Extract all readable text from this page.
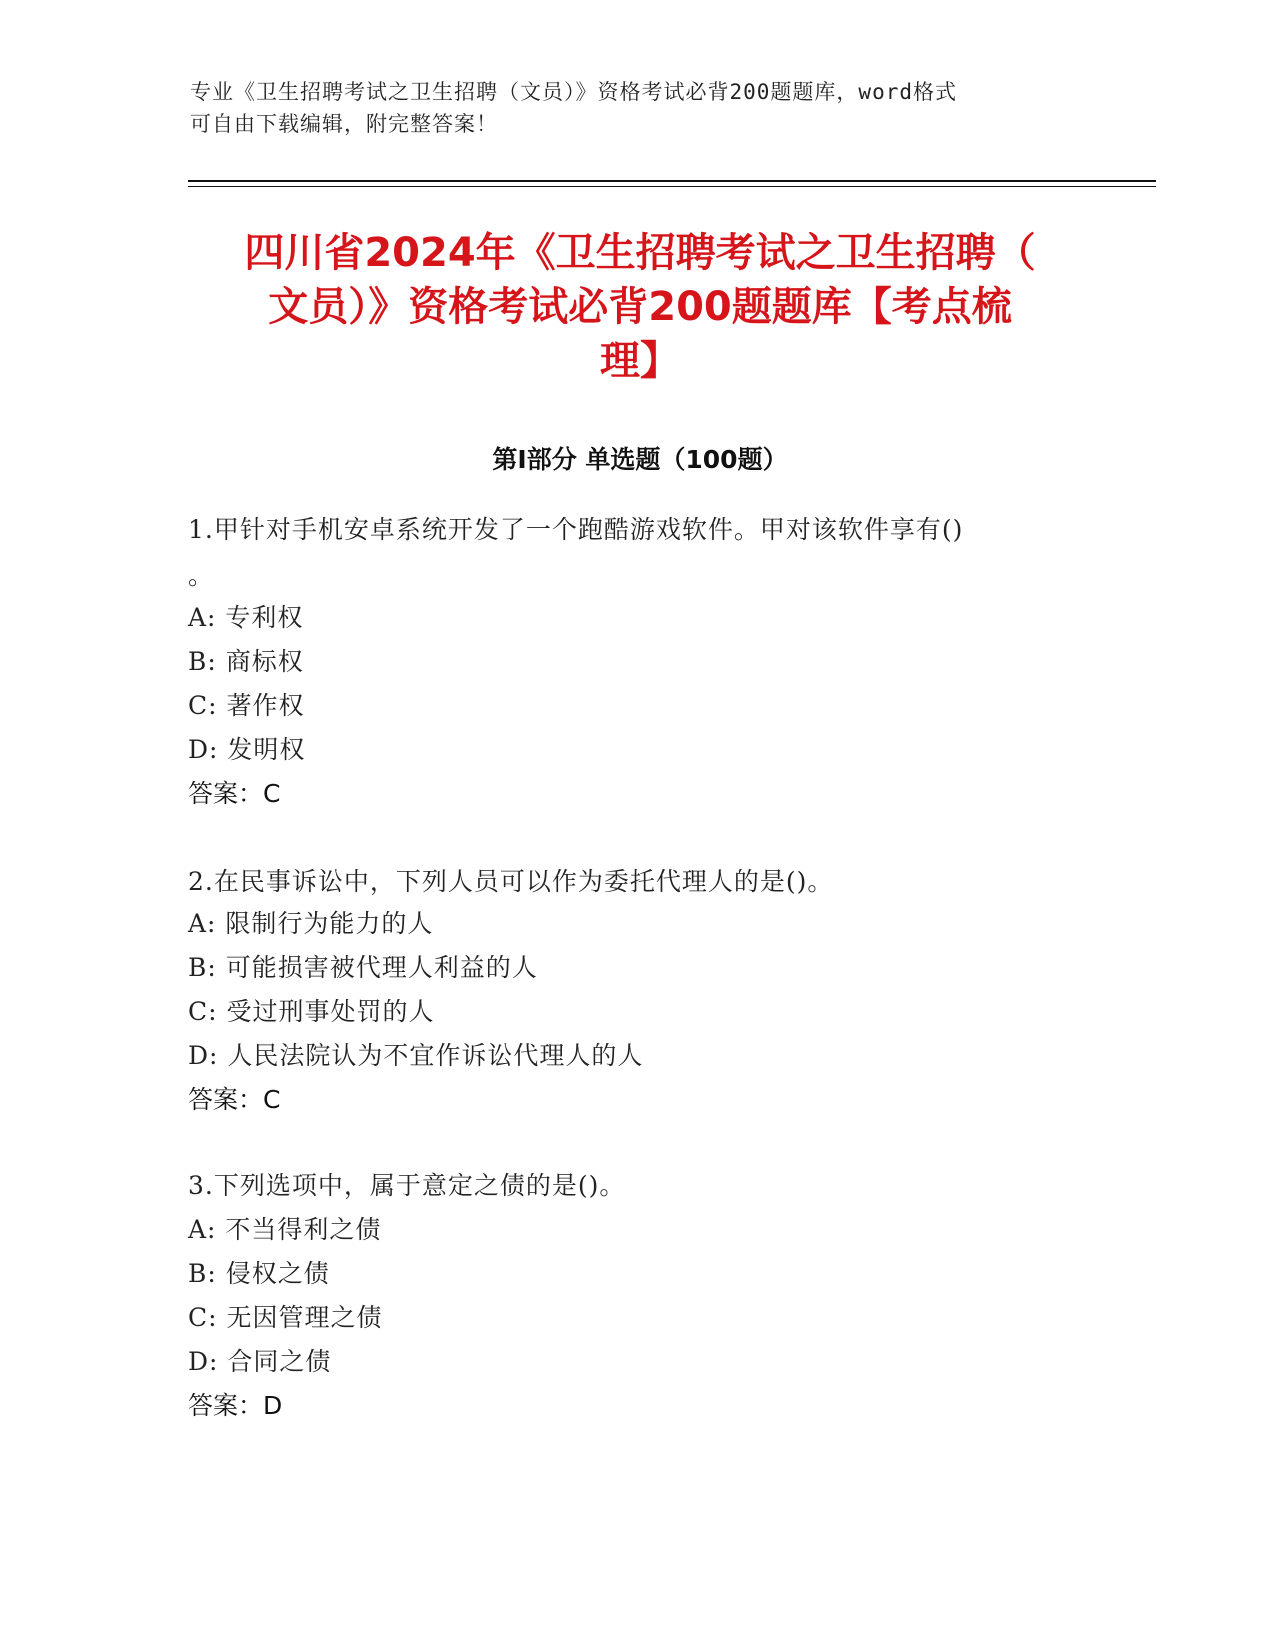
专业《卫生招聘考试之卫生招聘（文员）》资格考试必背200题题库，word格式

可自由下载编辑，附完整答案！

四川省2024年《卫生招聘考试之卫生招聘（
文员）》资格考试必背200题题库【考点梳
理】
第Ⅰ部分 单选题（100题）
1.甲针对手机安卓系统开发了一个跑酷游戏软件。甲对该软件享有()
。
A: 专利权
B: 商标权
C: 著作权
D: 发明权
答案：C
2.在民事诉讼中，下列人员可以作为委托代理人的是()。
A: 限制行为能力的人
B: 可能损害被代理人利益的人
C: 受过刑事处罚的人
D: 人民法院认为不宜作诉讼代理人的人
答案：C
3.下列选项中，属于意定之债的是()。
A: 不当得利之债
B: 侵权之债
C: 无因管理之债
D: 合同之债
答案：D
